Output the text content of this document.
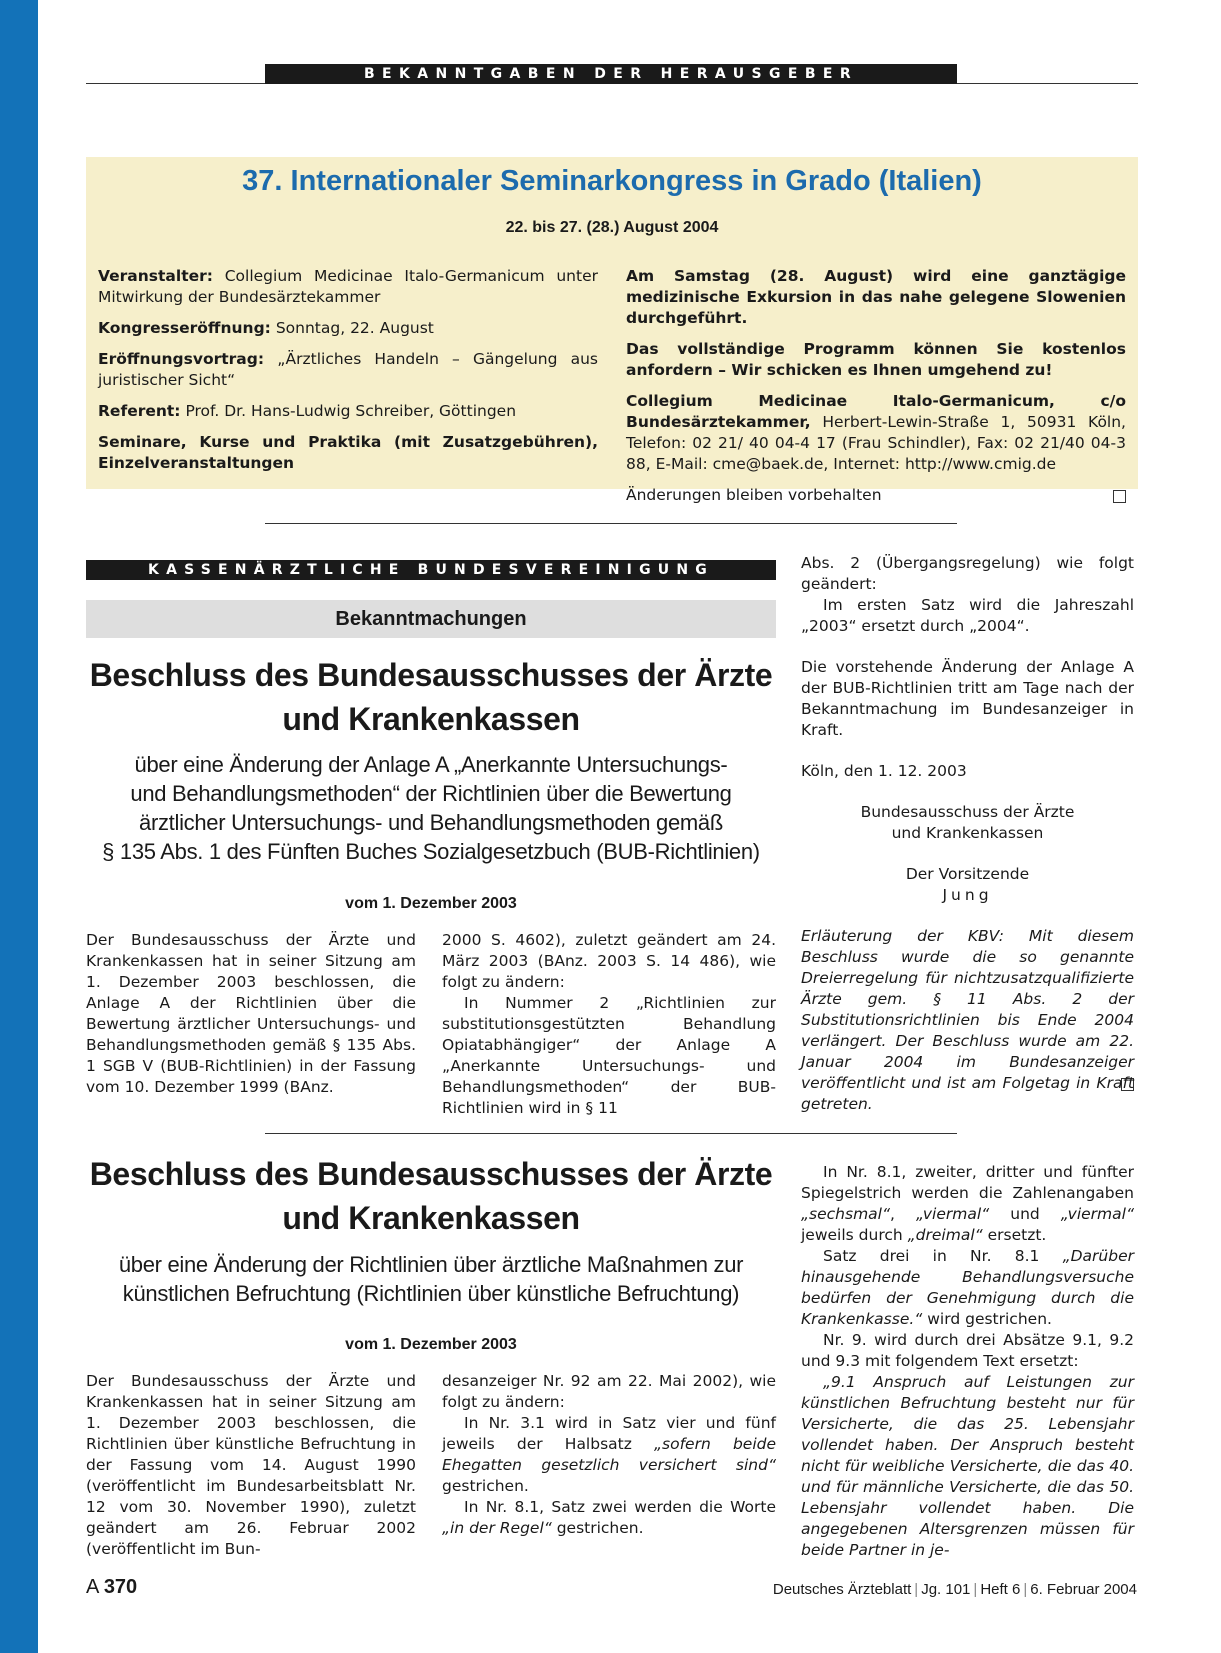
BEKANNTGABEN DER HERAUSGEBER
37. Internationaler Seminarkongress in Grado (Italien)
22. bis 27. (28.) August 2004

Veranstalter: Collegium Medicinae Italo-Germanicum unter Mitwirkung der Bundesärztekammer

Kongresseröffnung: Sonntag, 22. August

Eröffnungsvortrag: „Ärztliches Handeln – Gängelung aus juristischer Sicht“

Referent: Prof. Dr. Hans-Ludwig Schreiber, Göttingen

Seminare, Kurse und Praktika (mit Zusatzgebühren), Einzelveranstaltungen

Am Samstag (28. August) wird eine ganztägige medizinische Exkursion in das nahe gelegene Slowenien durchgeführt.

Das vollständige Programm können Sie kostenlos anfordern – Wir schicken es Ihnen umgehend zu!

Collegium Medicinae Italo-Germanicum, c/o Bundesärztekammer, Herbert-Lewin-Straße 1, 50931 Köln, Telefon: 02 21/ 40 04-4 17 (Frau Schindler), Fax: 02 21/40 04-3 88, E-Mail: cme@baek.de, Internet: http://www.cmig.de

Änderungen bleiben vorbehalten

KASSENÄRZTLICHE BUNDESVEREINIGUNG
Bekanntmachungen
Beschluss des Bundesausschusses der Ärzte
und Krankenkassen
über eine Änderung der Anlage A „Anerkannte Untersuchungs-
und Behandlungsmethoden“ der Richtlinien über die Bewertung
ärztlicher Untersuchungs- und Behandlungsmethoden gemäß
§ 135 Abs. 1 des Fünften Buches Sozialgesetzbuch (BUB-Richtlinien)
vom 1. Dezember 2003

Der Bundesausschuss der Ärzte und Krankenkassen hat in seiner Sitzung am 1. Dezember 2003 beschlossen, die Anlage A der Richtlinien über die Bewertung ärztlicher Untersuchungs- und Behandlungsmethoden gemäß § 135 Abs. 1 SGB V (BUB-Richtlinien) in der Fassung vom 10. Dezember 1999 (BAnz.

2000 S. 4602), zuletzt geändert am 24. März 2003 (BAnz. 2003 S. 14 486), wie folgt zu ändern:

In Nummer 2 „Richtlinien zur substitutionsgestützten Behandlung Opiatabhängiger“ der Anlage A „Anerkannte Untersuchungs- und Behandlungsmethoden“ der BUB-Richtlinien wird in § 11

Abs. 2 (Übergangsregelung) wie folgt geändert:

Im ersten Satz wird die Jahreszahl „2003“ ersetzt durch „2004“.

Die vorstehende Änderung der Anlage A der BUB-Richtlinien tritt am Tage nach der Bekanntmachung im Bundesanzeiger in Kraft.

Köln, den 1. 12. 2003

Bundesausschuss der Ärzte

und Krankenkassen

Der Vorsitzende

Jung

Erläuterung der KBV: Mit diesem Beschluss wurde die so genannte Dreierregelung für nichtzusatzqualifizierte Ärzte gem. § 11 Abs. 2 der Substitutionsrichtlinien bis Ende 2004 verlängert. Der Beschluss wurde am 22. Januar 2004 im Bundesanzeiger veröffentlicht und ist am Folgetag in Kraft getreten.

Beschluss des Bundesausschusses der Ärzte
und Krankenkassen
über eine Änderung der Richtlinien über ärztliche Maßnahmen zur
künstlichen Befruchtung (Richtlinien über künstliche Befruchtung)
vom 1. Dezember 2003

Der Bundesausschuss der Ärzte und Krankenkassen hat in seiner Sitzung am 1. Dezember 2003 beschlossen, die Richtlinien über künstliche Befruchtung in der Fassung vom 14. August 1990 (veröffentlicht im Bundesarbeitsblatt Nr. 12 vom 30. November 1990), zuletzt geändert am 26. Februar 2002 (veröffentlicht im Bun-

desanzeiger Nr. 92 am 22. Mai 2002), wie folgt zu ändern:

In Nr. 3.1 wird in Satz vier und fünf jeweils der Halbsatz „sofern beide Ehegatten gesetzlich versichert sind“ gestrichen.

In Nr. 8.1, Satz zwei werden die Worte „in der Regel“ gestrichen.

In Nr. 8.1, zweiter, dritter und fünfter Spiegelstrich werden die Zahlenangaben „sechsmal“, „viermal“ und „viermal“ jeweils durch „dreimal“ ersetzt.

Satz drei in Nr. 8.1 „Darüber hinausgehende Behandlungsversuche bedürfen der Genehmigung durch die Krankenkasse.“ wird gestrichen.

Nr. 9. wird durch drei Absätze 9.1, 9.2 und 9.3 mit folgendem Text ersetzt:

„9.1 Anspruch auf Leistungen zur künstlichen Befruchtung besteht nur für Versicherte, die das 25. Lebensjahr vollendet haben. Der Anspruch besteht nicht für weibliche Versicherte, die das 40. und für männliche Versicherte, die das 50. Lebensjahr vollendet haben. Die angegebenen Altersgrenzen müssen für beide Partner in je-

A 370	Deutsches Ärzteblatt | Jg. 101 | Heft 6 | 6. Februar 2004
